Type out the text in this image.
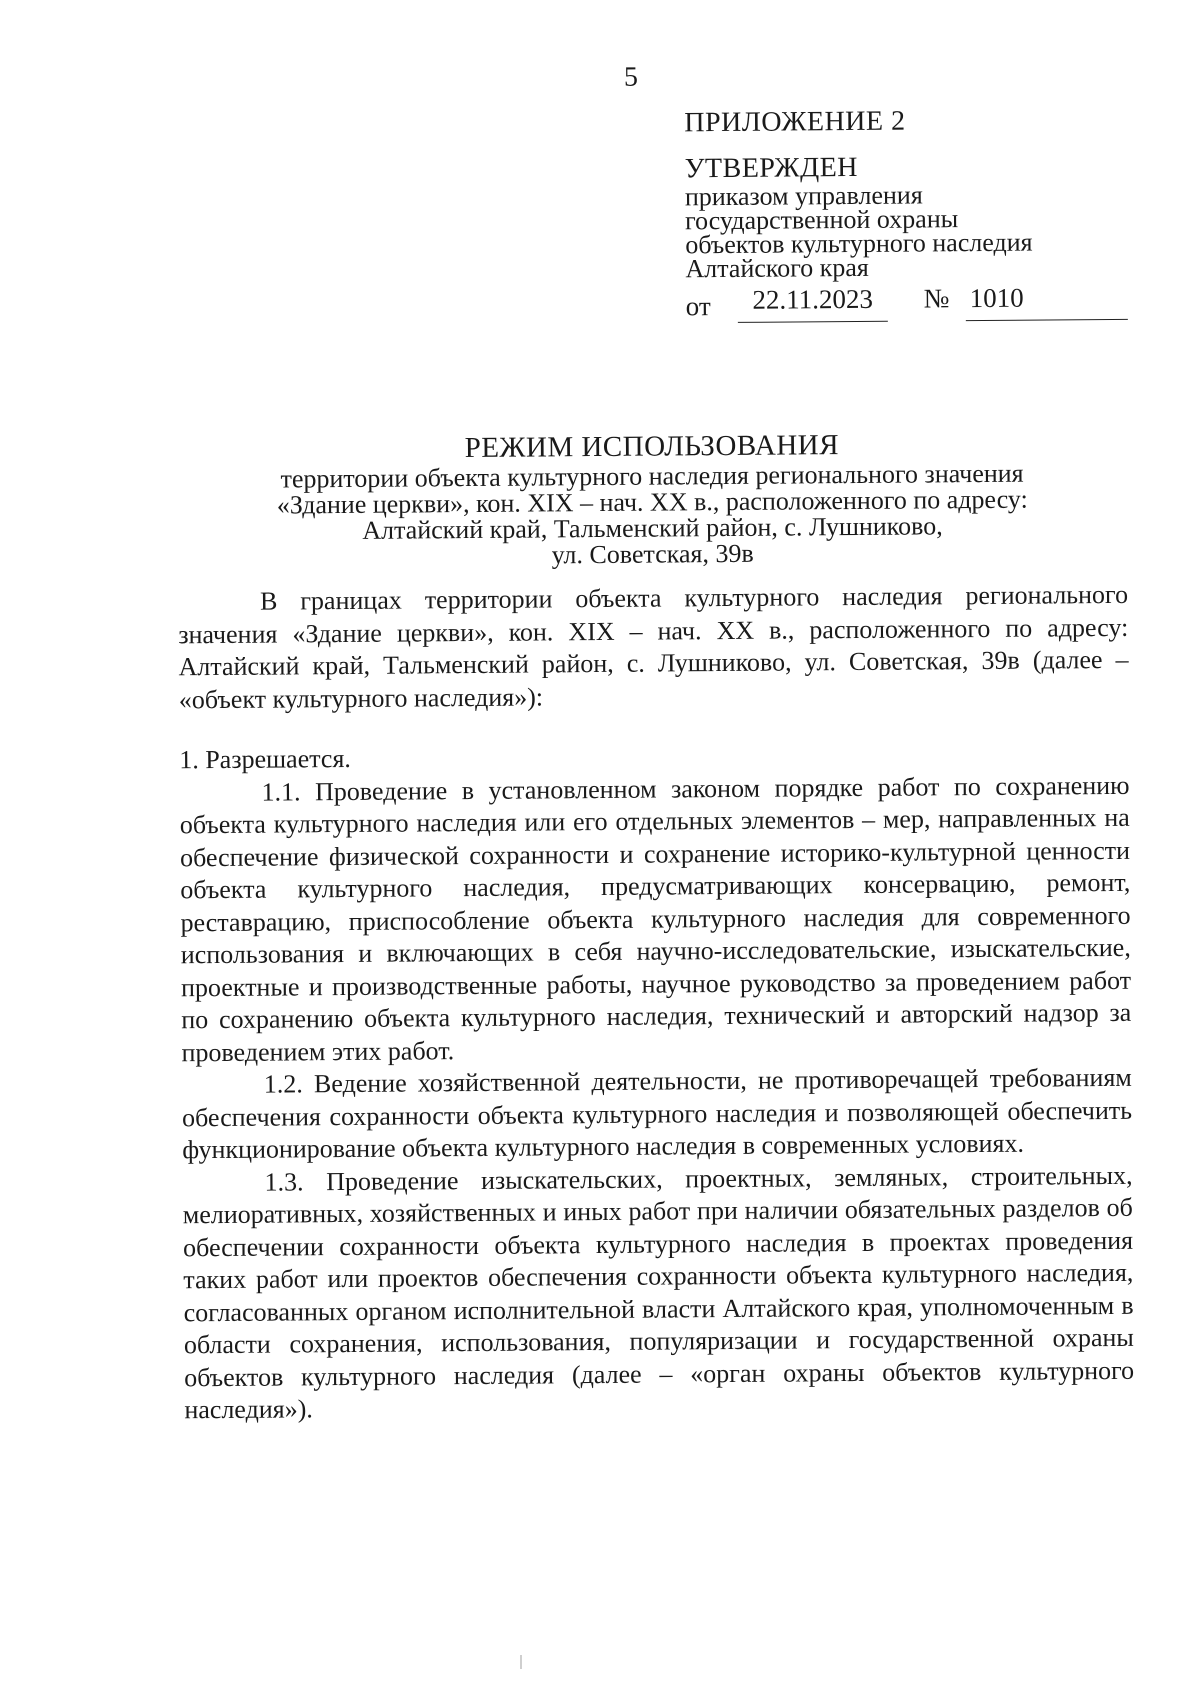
5
ПРИЛОЖЕНИЕ 2
УТВЕРЖДЕН
приказом управления
государственной охраны
объектов культурного наследия
Алтайского края
от	22.11.2023	№ 1010
РЕЖИМ ИСПОЛЬЗОВАНИЯ
территории объекта культурного наследия регионального значения
«Здание церкви», кон. XIX – нач. XX в., расположенного по адресу:
Алтайский край, Тальменский район, с. Лушниково,
ул. Советская, 39в

В границах территории объекта культурного наследия регионального значения «Здание церкви», кон. XIX – нач. XX в., расположенного по адресу: Алтайский край, Тальменский район, с. Лушниково, ул. Советская, 39в (далее – «объект культурного наследия»):

1. Разрешается.

1.1. Проведение в установленном законом порядке работ по сохранению объекта культурного наследия или его отдельных элементов – мер, направленных на обеспечение физической сохранности и сохранение историко-культурной ценности объекта культурного наследия, предусматривающих консервацию, ремонт, реставрацию, приспособление объекта культурного наследия для современного использования и включающих в себя научно-исследовательские, изыскательские, проектные и производственные работы, научное руководство за проведением работ по сохранению объекта культурного наследия, технический и авторский надзор за проведением этих работ.

1.2. Ведение хозяйственной деятельности, не противоречащей требованиям обеспечения сохранности объекта культурного наследия и позволяющей обеспечить функционирование объекта культурного наследия в современных условиях.

1.3. Проведение изыскательских, проектных, земляных, строительных, мелиоративных, хозяйственных и иных работ при наличии обязательных разделов об обеспечении сохранности объекта культурного наследия в проектах проведения таких работ или проектов обеспечения сохранности объекта культурного наследия, согласованных органом исполнительной власти Алтайского края, уполномоченным в области сохранения, использования, популяризации и государственной охраны объектов культурного наследия (далее – «орган охраны объектов культурного наследия»).
